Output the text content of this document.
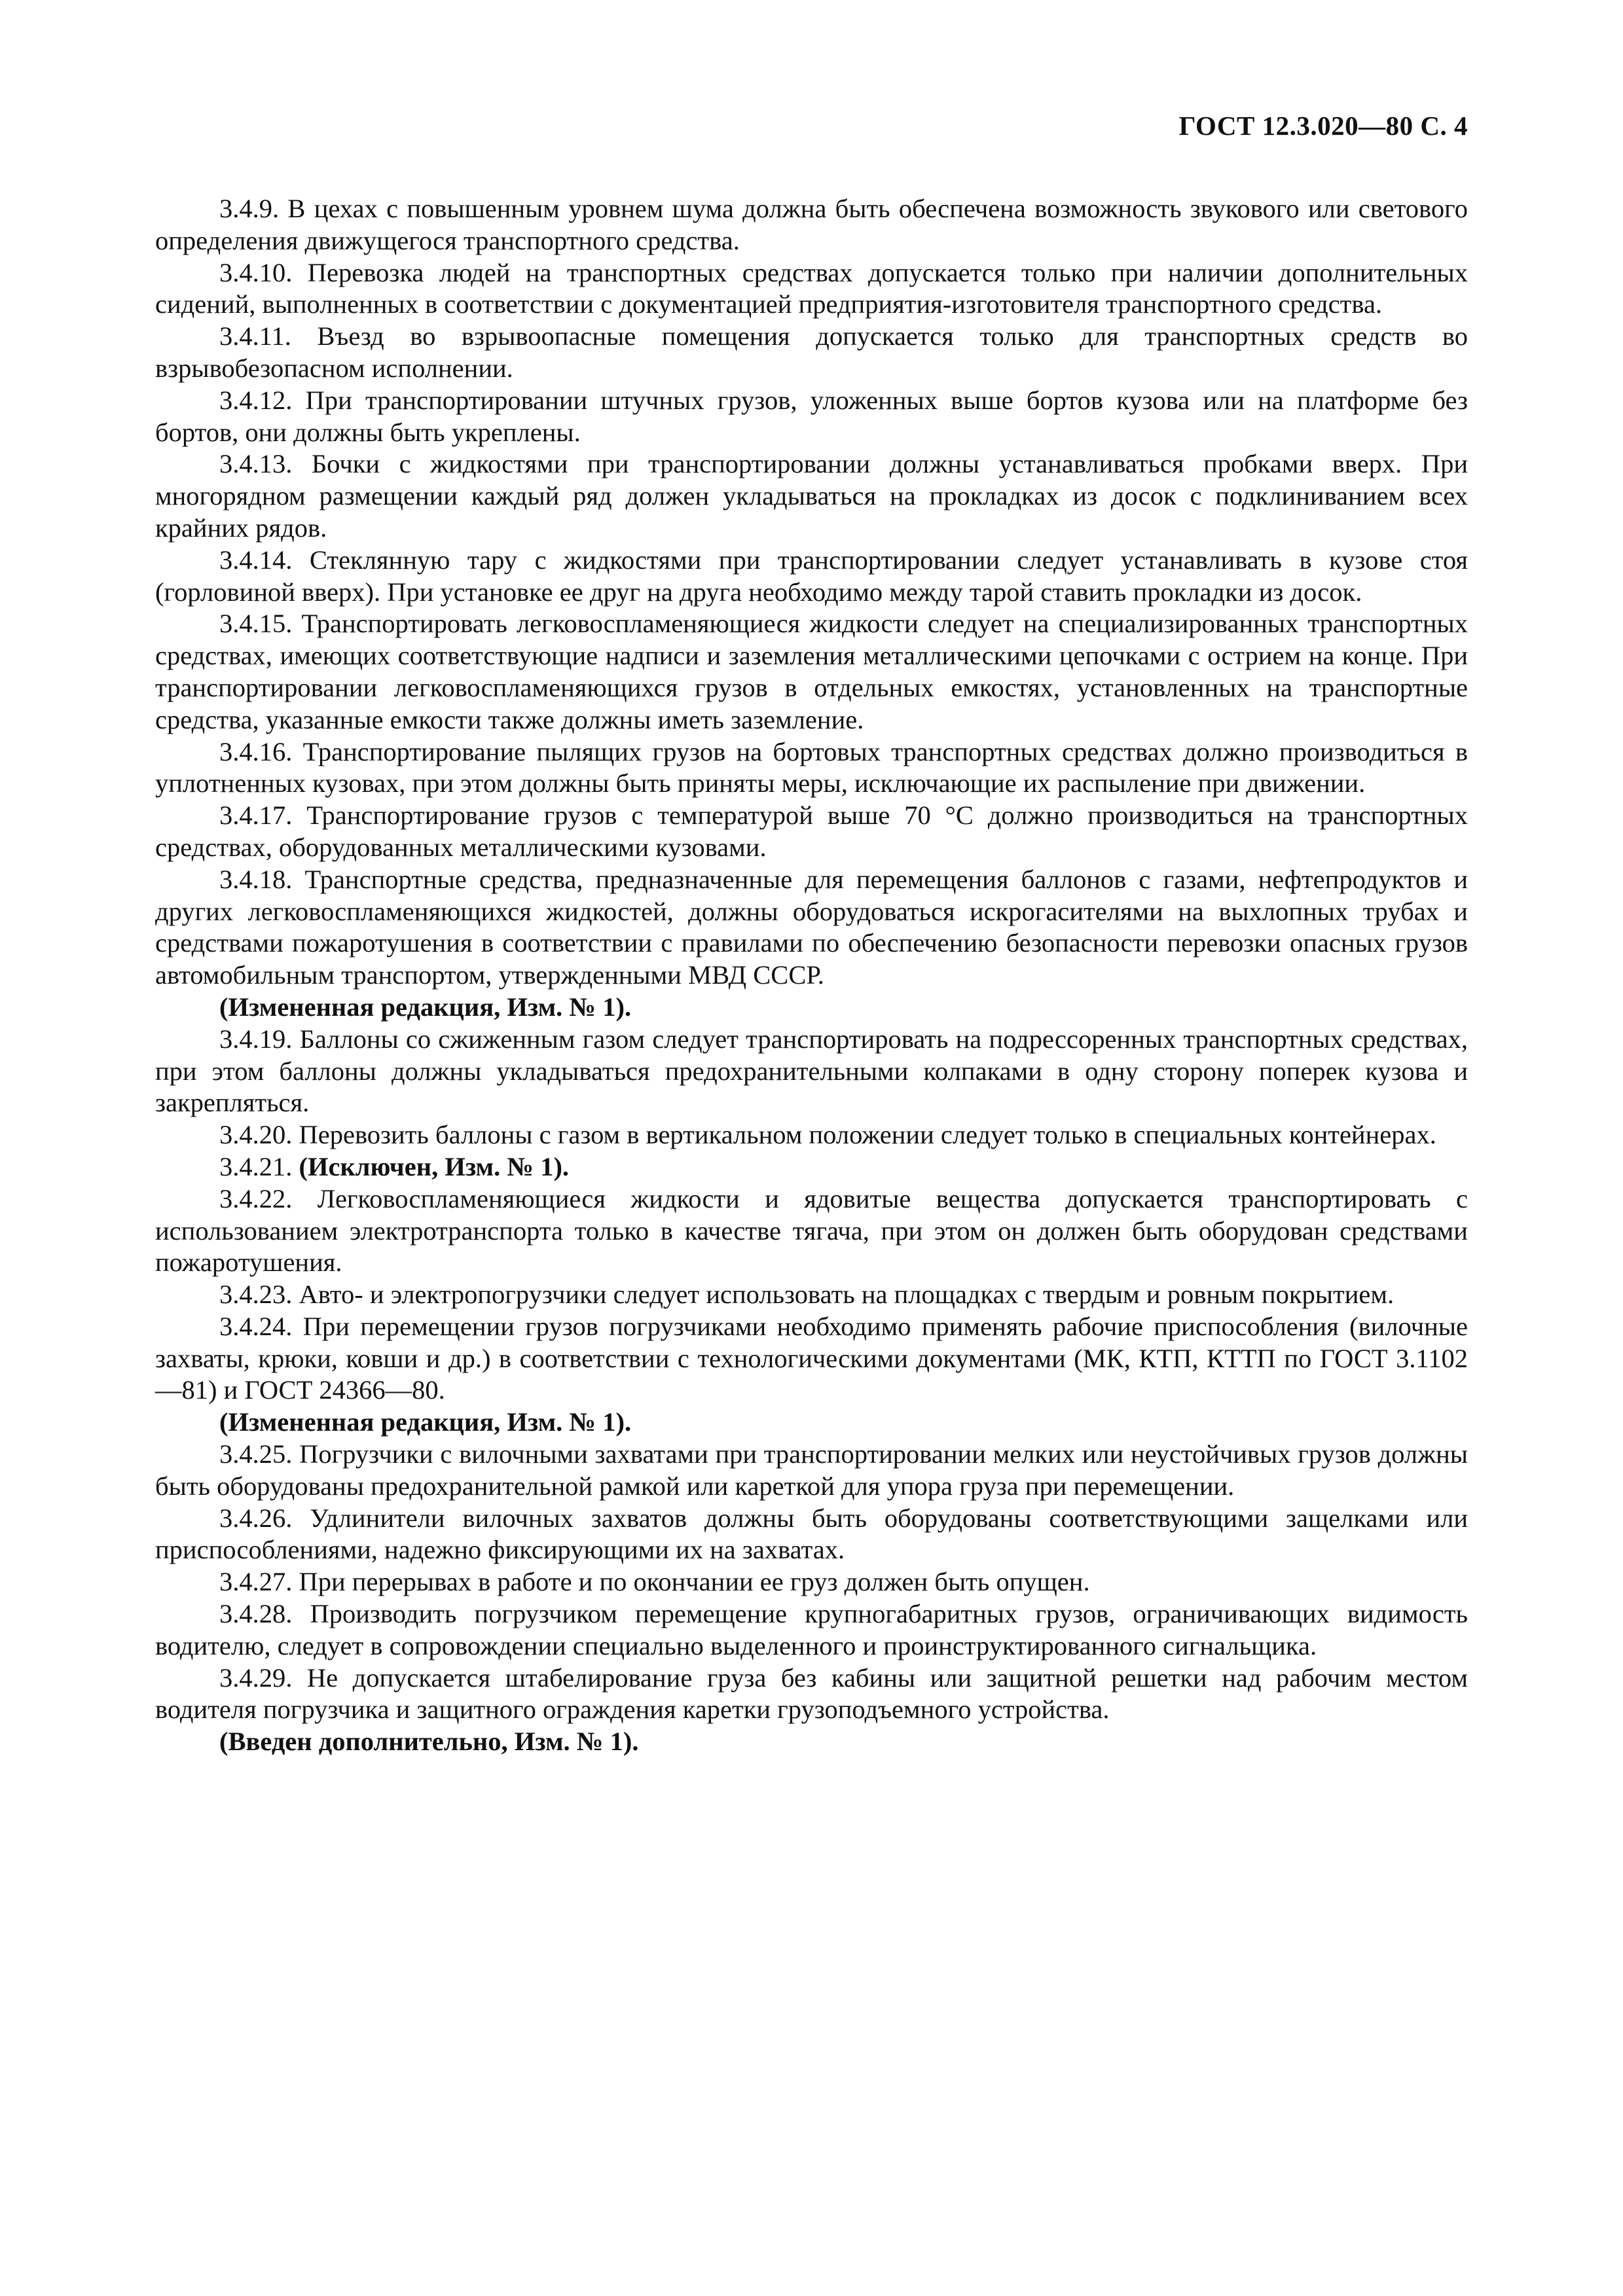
ГОСТ 12.3.020—80 С. 4

3.4.9. В цехах с повышенным уровнем шума должна быть обеспечена возможность звукового или светового определения движущегося транспортного средства.

3.4.10. Перевозка людей на транспортных средствах допускается только при наличии дополнительных сидений, выполненных в соответствии с документацией предприятия-изготовителя транспортного средства.

3.4.11. Въезд во взрывоопасные помещения допускается только для транспортных средств во взрывобезопасном исполнении.

3.4.12. При транспортировании штучных грузов, уложенных выше бортов кузова или на платформе без бортов, они должны быть укреплены.

3.4.13. Бочки с жидкостями при транспортировании должны устанавливаться пробками вверх. При многорядном размещении каждый ряд должен укладываться на прокладках из досок с подклиниванием всех крайних рядов.

3.4.14. Стеклянную тару с жидкостями при транспортировании следует устанавливать в кузове стоя (горловиной вверх). При установке ее друг на друга необходимо между тарой ставить прокладки из досок.

3.4.15. Транспортировать легковоспламеняющиеся жидкости следует на специализированных транспортных средствах, имеющих соответствующие надписи и заземления металлическими цепочками с острием на конце. При транспортировании легковоспламеняющихся грузов в отдельных емкостях, установленных на транспортные средства, указанные емкости также должны иметь заземление.

3.4.16. Транспортирование пылящих грузов на бортовых транспортных средствах должно производиться в уплотненных кузовах, при этом должны быть приняты меры, исключающие их распыление при движении.

3.4.17. Транспортирование грузов с температурой выше 70 °С должно производиться на транспортных средствах, оборудованных металлическими кузовами.

3.4.18. Транспортные средства, предназначенные для перемещения баллонов с газами, нефтепродуктов и других легковоспламеняющихся жидкостей, должны оборудоваться искрогасителями на выхлопных трубах и средствами пожаротушения в соответствии с правилами по обеспечению безопасности перевозки опасных грузов автомобильным транспортом, утвержденными МВД СССР.

(Измененная редакция, Изм. № 1).

3.4.19. Баллоны со сжиженным газом следует транспортировать на подрессоренных транспортных средствах, при этом баллоны должны укладываться предохранительными колпаками в одну сторону поперек кузова и закрепляться.

3.4.20. Перевозить баллоны с газом в вертикальном положении следует только в специальных контейнерах.

3.4.21. (Исключен, Изм. № 1).

3.4.22. Легковоспламеняющиеся жидкости и ядовитые вещества допускается транспортировать с использованием электротранспорта только в качестве тягача, при этом он должен быть оборудован средствами пожаротушения.

3.4.23. Авто- и электропогрузчики следует использовать на площадках с твердым и ровным покрытием.

3.4.24. При перемещении грузов погрузчиками необходимо применять рабочие приспособления (вилочные захваты, крюки, ковши и др.) в соответствии с технологическими документами (МК, КТП, КТТП по ГОСТ 3.1102—81) и ГОСТ 24366—80.

(Измененная редакция, Изм. № 1).

3.4.25. Погрузчики с вилочными захватами при транспортировании мелких или неустойчивых грузов должны быть оборудованы предохранительной рамкой или кареткой для упора груза при перемещении.

3.4.26. Удлинители вилочных захватов должны быть оборудованы соответствующими защелками или приспособлениями, надежно фиксирующими их на захватах.

3.4.27. При перерывах в работе и по окончании ее груз должен быть опущен.

3.4.28. Производить погрузчиком перемещение крупногабаритных грузов, ограничивающих видимость водителю, следует в сопровождении специально выделенного и проинструктированного сигнальщика.

3.4.29. Не допускается штабелирование груза без кабины или защитной решетки над рабочим местом водителя погрузчика и защитного ограждения каретки грузоподъемного устройства.

(Введен дополнительно, Изм. № 1).
